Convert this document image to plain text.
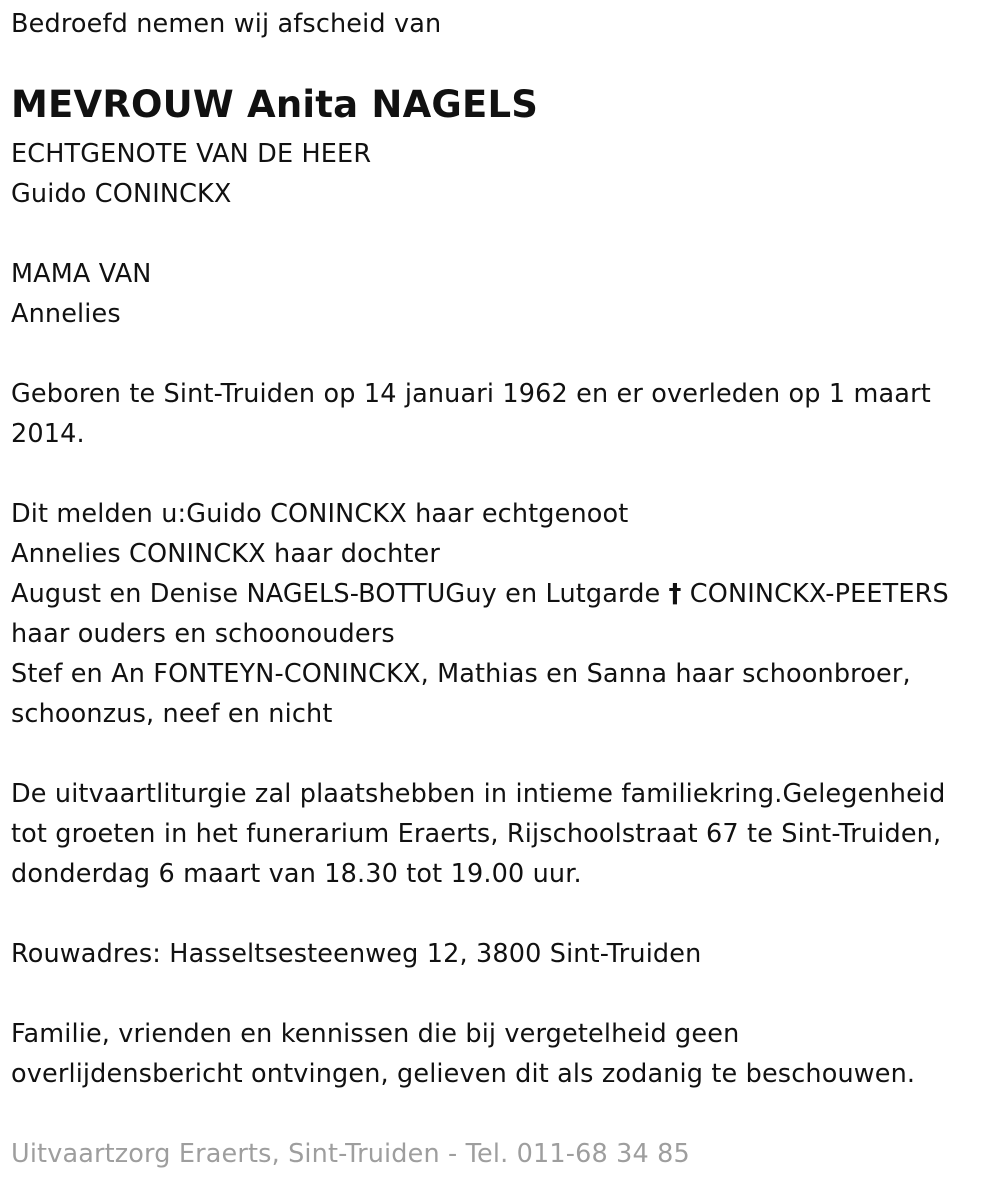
Bedroefd nemen wij afscheid van
MEVROUW Anita NAGELS
ECHTGENOTE VAN DE HEER
Guido CONINCKX
MAMA VAN
Annelies
Geboren te Sint-Truiden op 14 januari 1962 en er overleden op 1 maart
2014.
Dit melden u:Guido CONINCKX haar echtgenoot
Annelies CONINCKX haar dochter
August en Denise NAGELS-BOTTUGuy en Lutgarde † CONINCKX-PEETERS
haar ouders en schoonouders
Stef en An FONTEYN-CONINCKX, Mathias en Sanna haar schoonbroer,
schoonzus, neef en nicht
De uitvaartliturgie zal plaatshebben in intieme familiekring.Gelegenheid
tot groeten in het funerarium Eraerts, Rijschoolstraat 67 te Sint-Truiden,
donderdag 6 maart van 18.30 tot 19.00 uur.
Rouwadres: Hasseltsesteenweg 12, 3800 Sint-Truiden
Familie, vrienden en kennissen die bij vergetelheid geen
overlijdensbericht ontvingen, gelieven dit als zodanig te beschouwen.
Uitvaartzorg Eraerts, Sint-Truiden - Tel. 011-68 34 85
